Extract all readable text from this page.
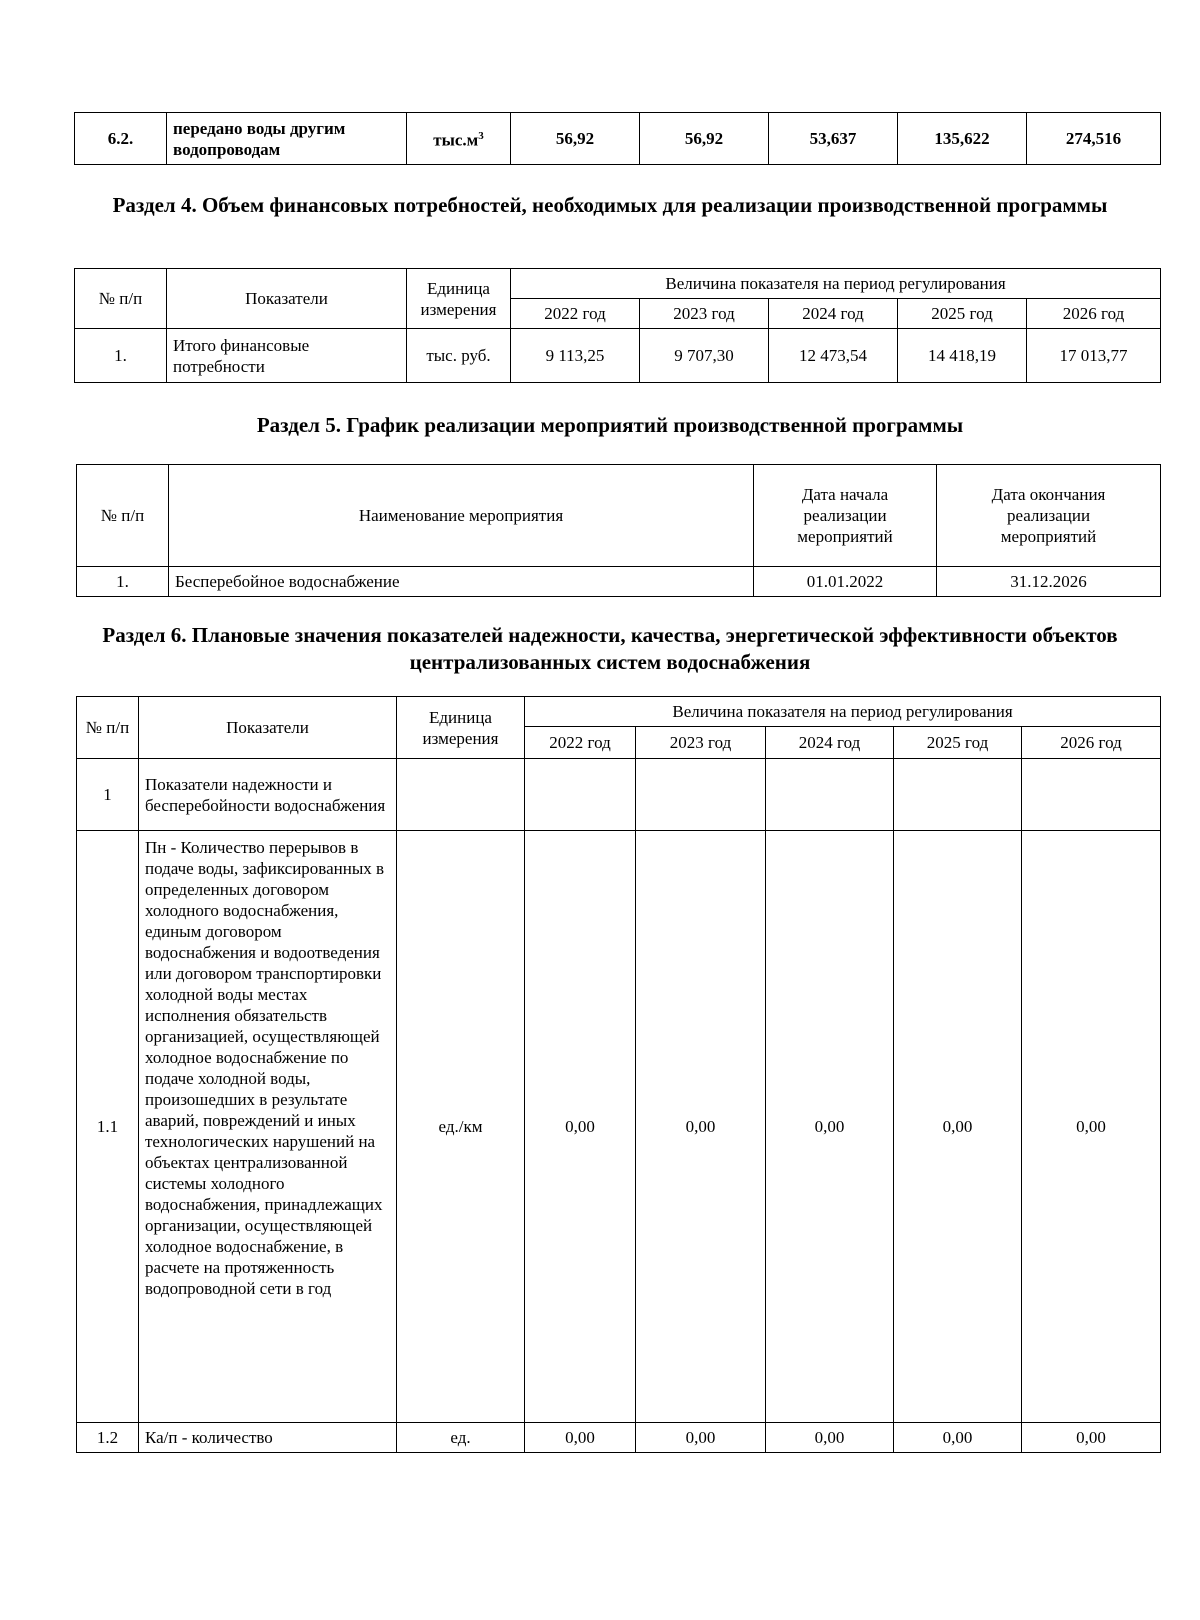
6.2.	передано воды другим водопроводам	$тыс.м^3$	56,92	56,92	53,637	135,622	274,516
Раздел 4. Объем финансовых потребностей, необходимых для реализации производственной программы
№ п/п	Показатели	Единица измерения	Величина показателя на период регулирования				
			2022 год	2023 год	2024 год	2025 год	2026 год
1.	Итого финансовые потребности	тыс. руб.	9 113,25	9 707,30	12 473,54	14 418,19	17 013,77
Раздел 5. График реализации мероприятий производственной программы
№ п/п	Наименование мероприятия	Дата начала реализации мероприятий	Дата окончания реализации мероприятий
1.	Бесперебойное водоснабжение	01.01.2022	31.12.2026
Раздел 6. Плановые значения показателей надежности, качества, энергетической эффективности объектов централизованных систем водоснабжения
№ п/п	Показатели	Единица измерения	Величина показателя на период регулирования				
			2022 год	2023 год	2024 год	2025 год	2026 год
1	Показатели надежности и бесперебойности водоснабжения						
1.1	Пн - Количество перерывов в подаче воды, зафиксированных в определенных договором холодного водоснабжения, единым договором водоснабжения и водоотведения или договором транспортировки холодной воды местах исполнения обязательств организацией, осуществляющей холодное водоснабжение по подаче холодной воды, произошедших в результате аварий, повреждений и иных технологических нарушений на объектах централизованной системы холодного водоснабжения, принадлежащих организации, осуществляющей холодное водоснабжение, в расчете на протяженность водопроводной сети в год	ед./км	0,00	0,00	0,00	0,00	0,00
1.2	Ка/п - количество	ед.	0,00	0,00	0,00	0,00	0,00
